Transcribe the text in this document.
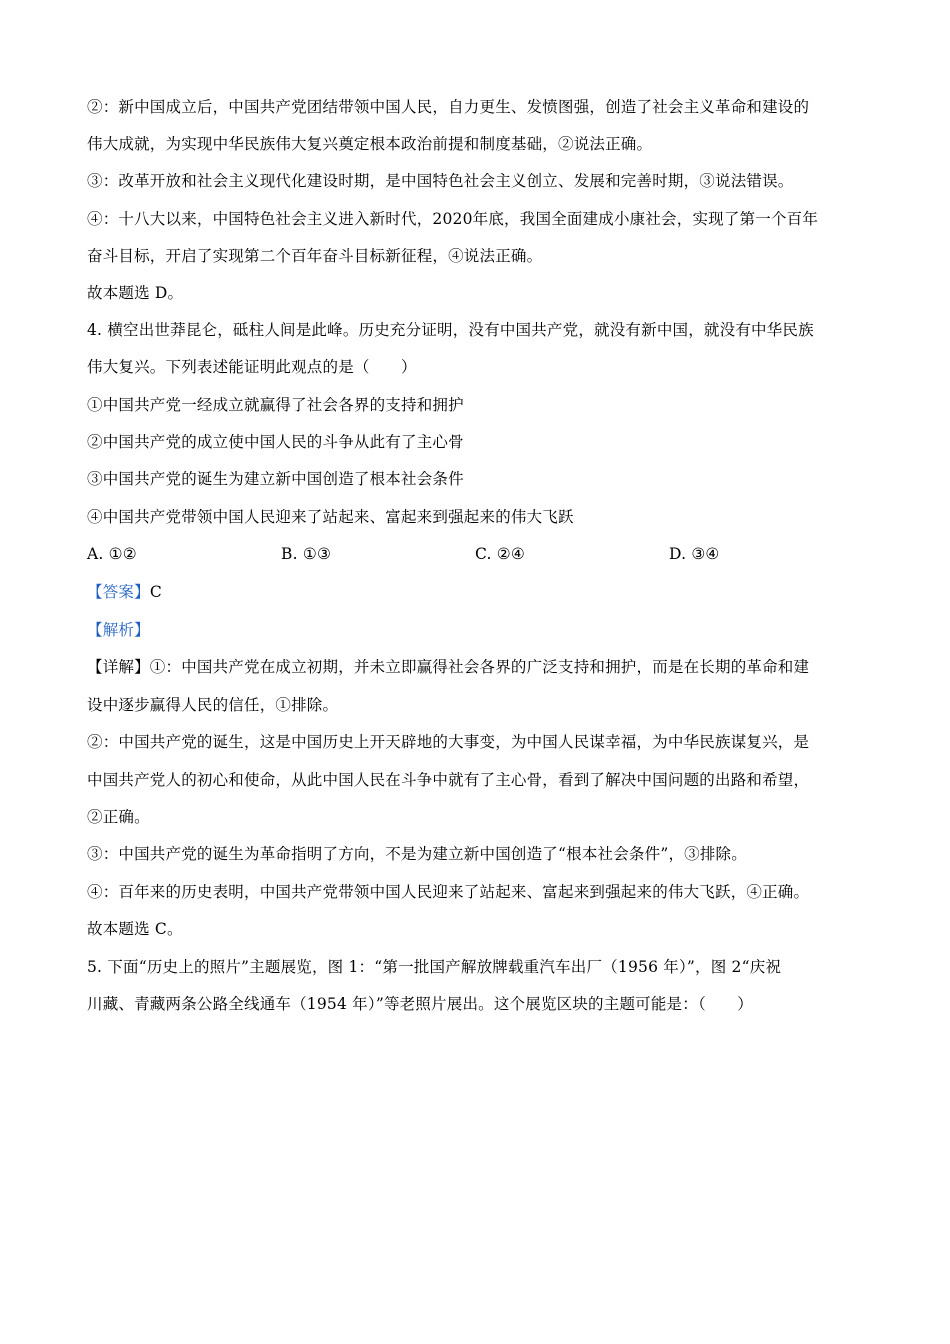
②：新中国成立后，中国共产党团结带领中国人民，自力更生、发愤图强，创造了社会主义革命和建设的
伟大成就，为实现中华民族伟大复兴奠定根本政治前提和制度基础，②说法正确。
③：改革开放和社会主义现代化建设时期，是中国特色社会主义创立、发展和完善时期，③说法错误。
④：十八大以来，中国特色社会主义进入新时代，2020年底，我国全面建成小康社会，实现了第一个百年
奋斗目标，开启了实现第二个百年奋斗目标新征程，④说法正确。
故本题选 D。
4. 横空出世莽昆仑，砥柱人间是此峰。历史充分证明，没有中国共产党，就没有新中国，就没有中华民族
伟大复兴。下列表述能证明此观点的是（　　）
①中国共产党一经成立就赢得了社会各界的支持和拥护
②中国共产党的成立使中国人民的斗争从此有了主心骨
③中国共产党的诞生为建立新中国创造了根本社会条件
④中国共产党带领中国人民迎来了站起来、富起来到强起来的伟大飞跃
A. ①②	B. ①③	C. ②④	D. ③④
【答案】C
【解析】
【详解】①：中国共产党在成立初期，并未立即赢得社会各界的广泛支持和拥护，而是在长期的革命和建
设中逐步赢得人民的信任，①排除。
②：中国共产党的诞生，这是中国历史上开天辟地的大事变，为中国人民谋幸福，为中华民族谋复兴，是
中国共产党人的初心和使命，从此中国人民在斗争中就有了主心骨，看到了解决中国问题的出路和希望，
②正确。
③：中国共产党的诞生为革命指明了方向，不是为建立新中国创造了“根本社会条件”，③排除。
④：百年来的历史表明，中国共产党带领中国人民迎来了站起来、富起来到强起来的伟大飞跃，④正确。
故本题选 C。
5. 下面“历史上的照片”主题展览，图 1：“第一批国产解放牌载重汽车出厂（1956 年）”，图 2“庆祝
川藏、青藏两条公路全线通车（1954 年）”等老照片展出。这个展览区块的主题可能是：（　　）
